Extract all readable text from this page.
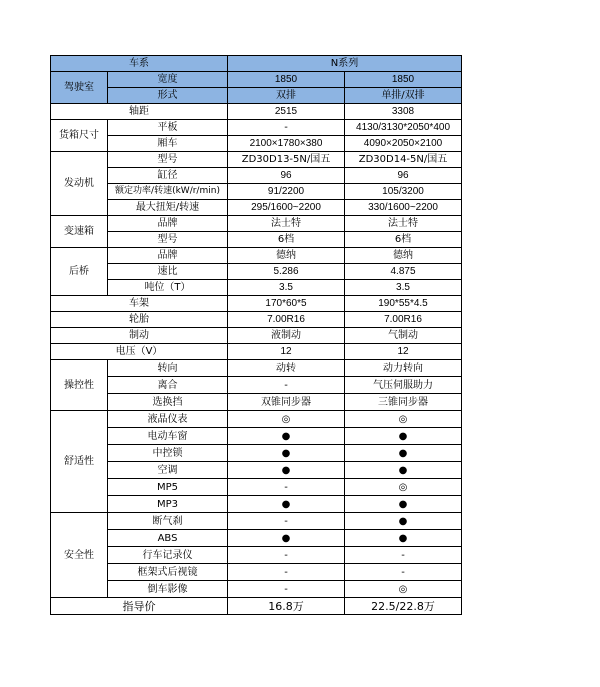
车系		N系列	
驾驶室	宽度	1850	1850
	形式	双排	单排/双排
轴距		2515	3308
货箱尺寸	平板	-	4130/3130*2050*400
	厢车	2100×1780×380	4090×2050×2100
发动机	型号	ZD30D13-5N/国五	ZD30D14-5N/国五
	缸径	96	96
	额定功率/转速(kW/r/min)	91/2200	105/3200
	最大扭矩/转速	295/1600~2200	330/1600~2200
变速箱	品牌	法士特	法士特
	型号	6档	6档
后桥	品牌	德纳	德纳
	速比	5.286	4.875
	吨位（T）	3.5	3.5
车架		170*60*5	190*55*4.5
轮胎		7.00R16	7.00R16
制动		液制动	气制动
电压（V）		12	12
操控性	转向	动转	动力转向
	离合	-	气压伺服助力
	选换挡	双锥同步器	三锥同步器
舒适性	液晶仪表	◎	◎
	电动车窗	●	●
	中控锁	●	●
	空调	●	●
	MP5	-	◎
	MP3	●	●
安全性	断气刹	-	●
	ABS	●	●
	行车记录仪	-	-
	框架式后视镜	-	-
	倒车影像	-	◎
指导价		16.8万	22.5/22.8万
